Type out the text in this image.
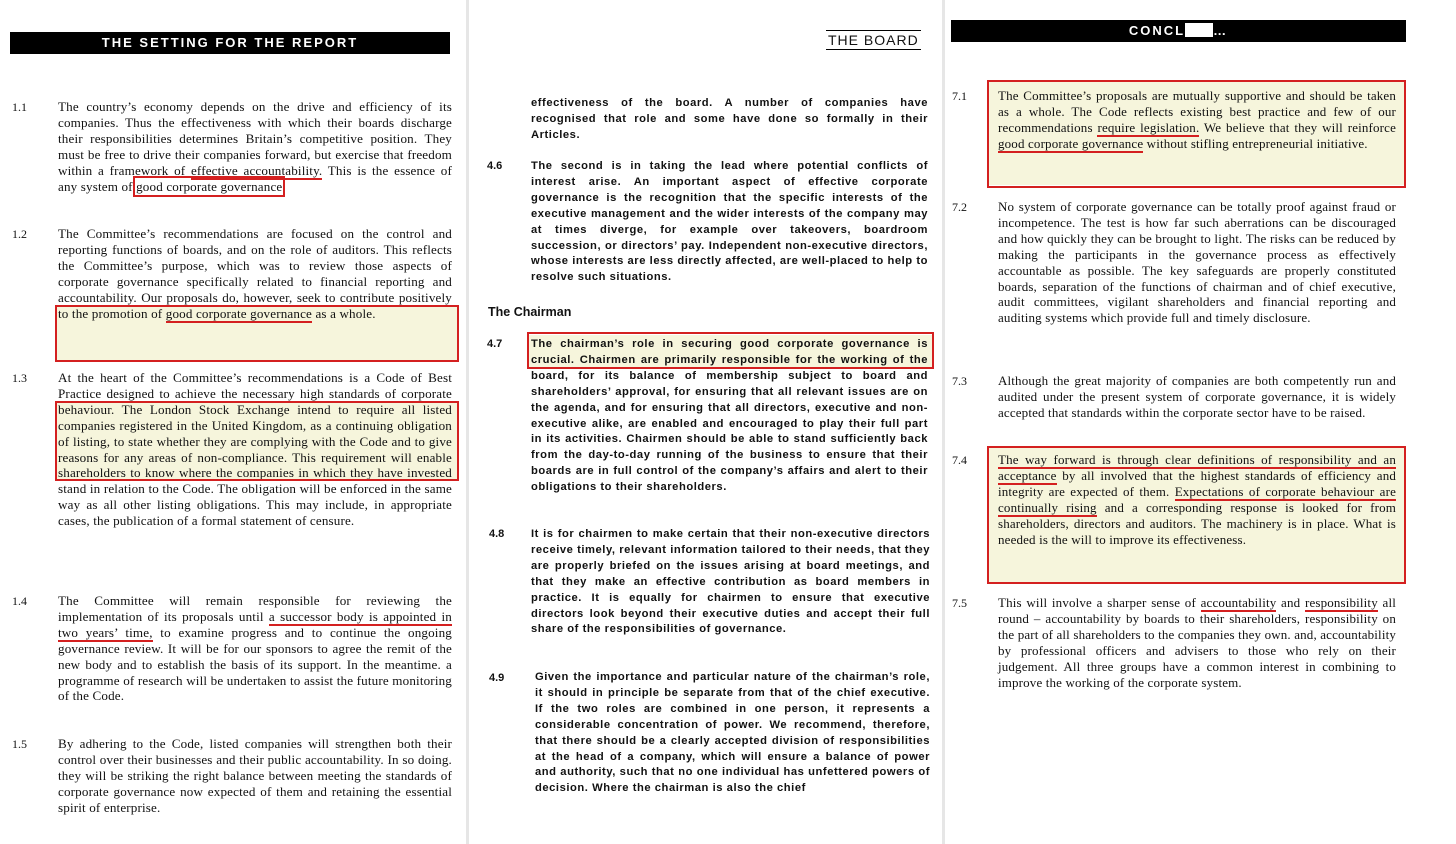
THE SETTING FOR THE REPORT
1.1 The country’s economy depends on the drive and efficiency of its companies. Thus the effectiveness with which their boards discharge their responsibilities determines Britain’s competitive position. They must be free to drive their companies forward, but exercise that freedom within a framework of effective accountability. This is the essence of any system of good corporate governance

1.2 The Committee’s recommendations are focused on the control and reporting functions of boards, and on the role of auditors. This reflects the Committee’s purpose, which was to review those aspects of corporate governance specifically related to financial reporting and accountability. Our proposals do, however, seek to contribute positively to the promotion of good corporate governance as a whole.

1.3 At the heart of the Committee’s recommendations is a Code of Best Practice designed to achieve the necessary high standards of corporate behaviour. The London Stock Exchange intend to require all listed companies registered in the United Kingdom, as a continuing obligation of listing, to state whether they are complying with the Code and to give reasons for any areas of non-compliance. This requirement will enable shareholders to know where the companies in which they have invested stand in relation to the Code. The obligation will be enforced in the same way as all other listing obligations. This may include, in appropriate cases, the publication of a formal statement of censure.

1.4 The Committee will remain responsible for reviewing the implementation of its proposals until a successor body is appointed in two years’ time, to examine progress and to continue the ongoing governance review. It will be for our sponsors to agree the remit of the new body and to establish the basis of its support. In the meantime. a programme of research will be undertaken to assist the future monitoring of the Code.

1.5 By adhering to the Code, listed companies will strengthen both their control over their businesses and their public accountability. In so doing. they will be striking the right balance between meeting the standards of corporate governance now expected of them and retaining the essential spirit of enterprise.

THE BOARD

effectiveness of the board. A number of companies have recognised that role and some have done so formally in their Articles.

4.6	The second is in taking the lead where potential conflicts of interest arise. An important aspect of effective corporate governance is the recognition that the specific interests of the executive management and the wider interests of the company may at times diverge, for example over takeovers, boardroom succession, or directors’ pay. Independent non-executive directors, whose interests are less directly affected, are well-placed to help to resolve such situations.

The Chairman
4.7	The chairman’s role in securing good corporate governance is crucial. Chairmen are primarily responsible for the working of the board, for its balance of membership subject to board and shareholders’ approval, for ensuring that all relevant issues are on the agenda, and for ensuring that all directors, executive and non-executive alike, are enabled and encouraged to play their full part in its activities. Chairmen should be able to stand sufficiently back from the day-to-day running of the business to ensure that their boards are in full control of the company’s affairs and alert to their obligations to their shareholders.

4.8 It is for chairmen to make certain that their non-executive directors receive timely, relevant information tailored to their needs, that they are properly briefed on the issues arising at board meetings, and that they make an effective contribution as board members in practice. It is equally for chairmen to ensure that executive directors look beyond their executive duties and accept their full share of the responsibilities of governance.

4.9	Given the importance and particular nature of the chairman’s role, it should in principle be separate from that of the chief executive. If the two roles are combined in one person, it represents a considerable concentration of power. We recommend, therefore, that there should be a clearly accepted division of responsibilities at the head of a company, which will ensure a balance of power and authority, such that no one individual has unfettered powers of decision. Where the chairman is also the chief

CONCL …
7.1 The Committee’s proposals are mutually supportive and should be taken as a whole. The Code reflects existing best practice and few of our recommendations require legislation. We believe that they will reinforce good corporate governance without stifling entrepreneurial initiative.

7.2 No system of corporate governance can be totally proof against fraud or incompetence. The test is how far such aberrations can be discouraged and how quickly they can be brought to light. The risks can be reduced by making the participants in the governance process as effectively accountable as possible. The key safeguards are properly constituted boards, separation of the functions of chairman and of chief executive, audit committees, vigilant shareholders and financial reporting and auditing systems which provide full and timely disclosure.

7.3 Although the great majority of companies are both competently run and audited under the present system of corporate governance, it is widely accepted that standards within the corporate sector have to be raised.

7.4 The way forward is through clear definitions of responsibility and an acceptance by all involved that the highest standards of efficiency and integrity are expected of them. Expectations of corporate behaviour are continually rising and a corresponding response is looked for from shareholders, directors and auditors. The machinery is in place. What is needed is the will to improve its effectiveness.

7.5 This will involve a sharper sense of accountability and responsibility all round – accountability by boards to their shareholders, responsibility on the part of all shareholders to the companies they own. and, accountability by professional officers and advisers to those who rely on their judgement. All three groups have a common interest in combining to improve the working of the corporate system.
